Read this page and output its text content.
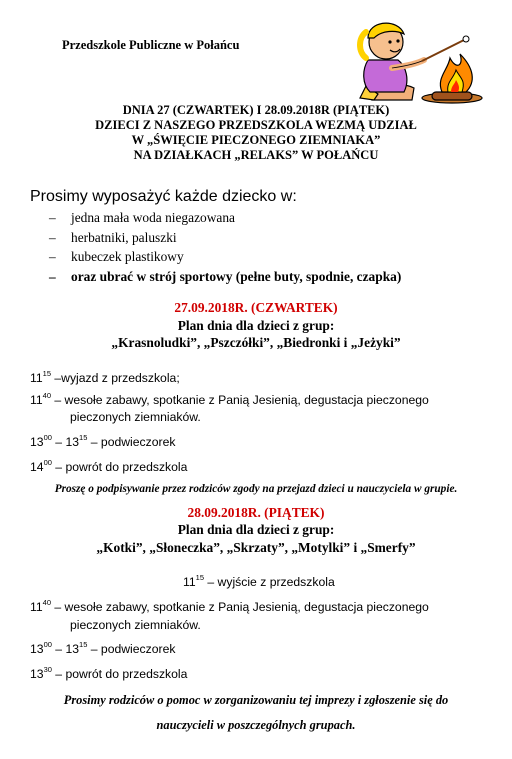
Przedszkole Publiczne w Połańcu
DNIA 27 (CZWARTEK) I 28.09.2018R (PIĄTEK)
DZIECI Z NASZEGO PRZEDSZKOLA WEZMĄ UDZIAŁ
W „ŚWIĘCIE PIECZONEGO ZIEMNIAKA”
NA DZIAŁKACH „RELAKS” W POŁAŃCU
Prosimy wyposażyć każde dziecko w:
– jedna mała woda niegazowana
– herbatniki, paluszki
– kubeczek plastikowy
– oraz ubrać w strój sportowy (pełne buty, spodnie, czapka)
27.09.2018R. (CZWARTEK)
Plan dnia dla dzieci z grup:
„Krasnoludki”, „Pszczółki”, „Biedronki i „Jeżyki”
$11^{15}$ –wyjazd z przedszkola;
$11^{40}$ – wesołe zabawy, spotkanie z Panią Jesienią, degustacja pieczonego
pieczonych ziemniaków.
$13^{00} - 13^{15}$ – podwieczorek
$14^{00}$ – powrót do przedszkola
Proszę o podpisywanie przez rodziców zgody na przejazd dzieci u nauczyciela w grupie.
28.09.2018R. (PIĄTEK)
Plan dnia dla dzieci z grup:
„Kotki”, „Słoneczka”, „Skrzaty”, „Motylki” i „Smerfy”
$11^{15}$ – wyjście z przedszkola
$11^{40}$ – wesołe zabawy, spotkanie z Panią Jesienią, degustacja pieczonego
pieczonych ziemniaków.
$13^{00} - 13^{15}$ – podwieczorek
$13^{30}$ – powrót do przedszkola
Prosimy rodziców o pomoc w zorganizowaniu tej imprezy i zgłoszenie się do
nauczycieli w poszczególnych grupach.
